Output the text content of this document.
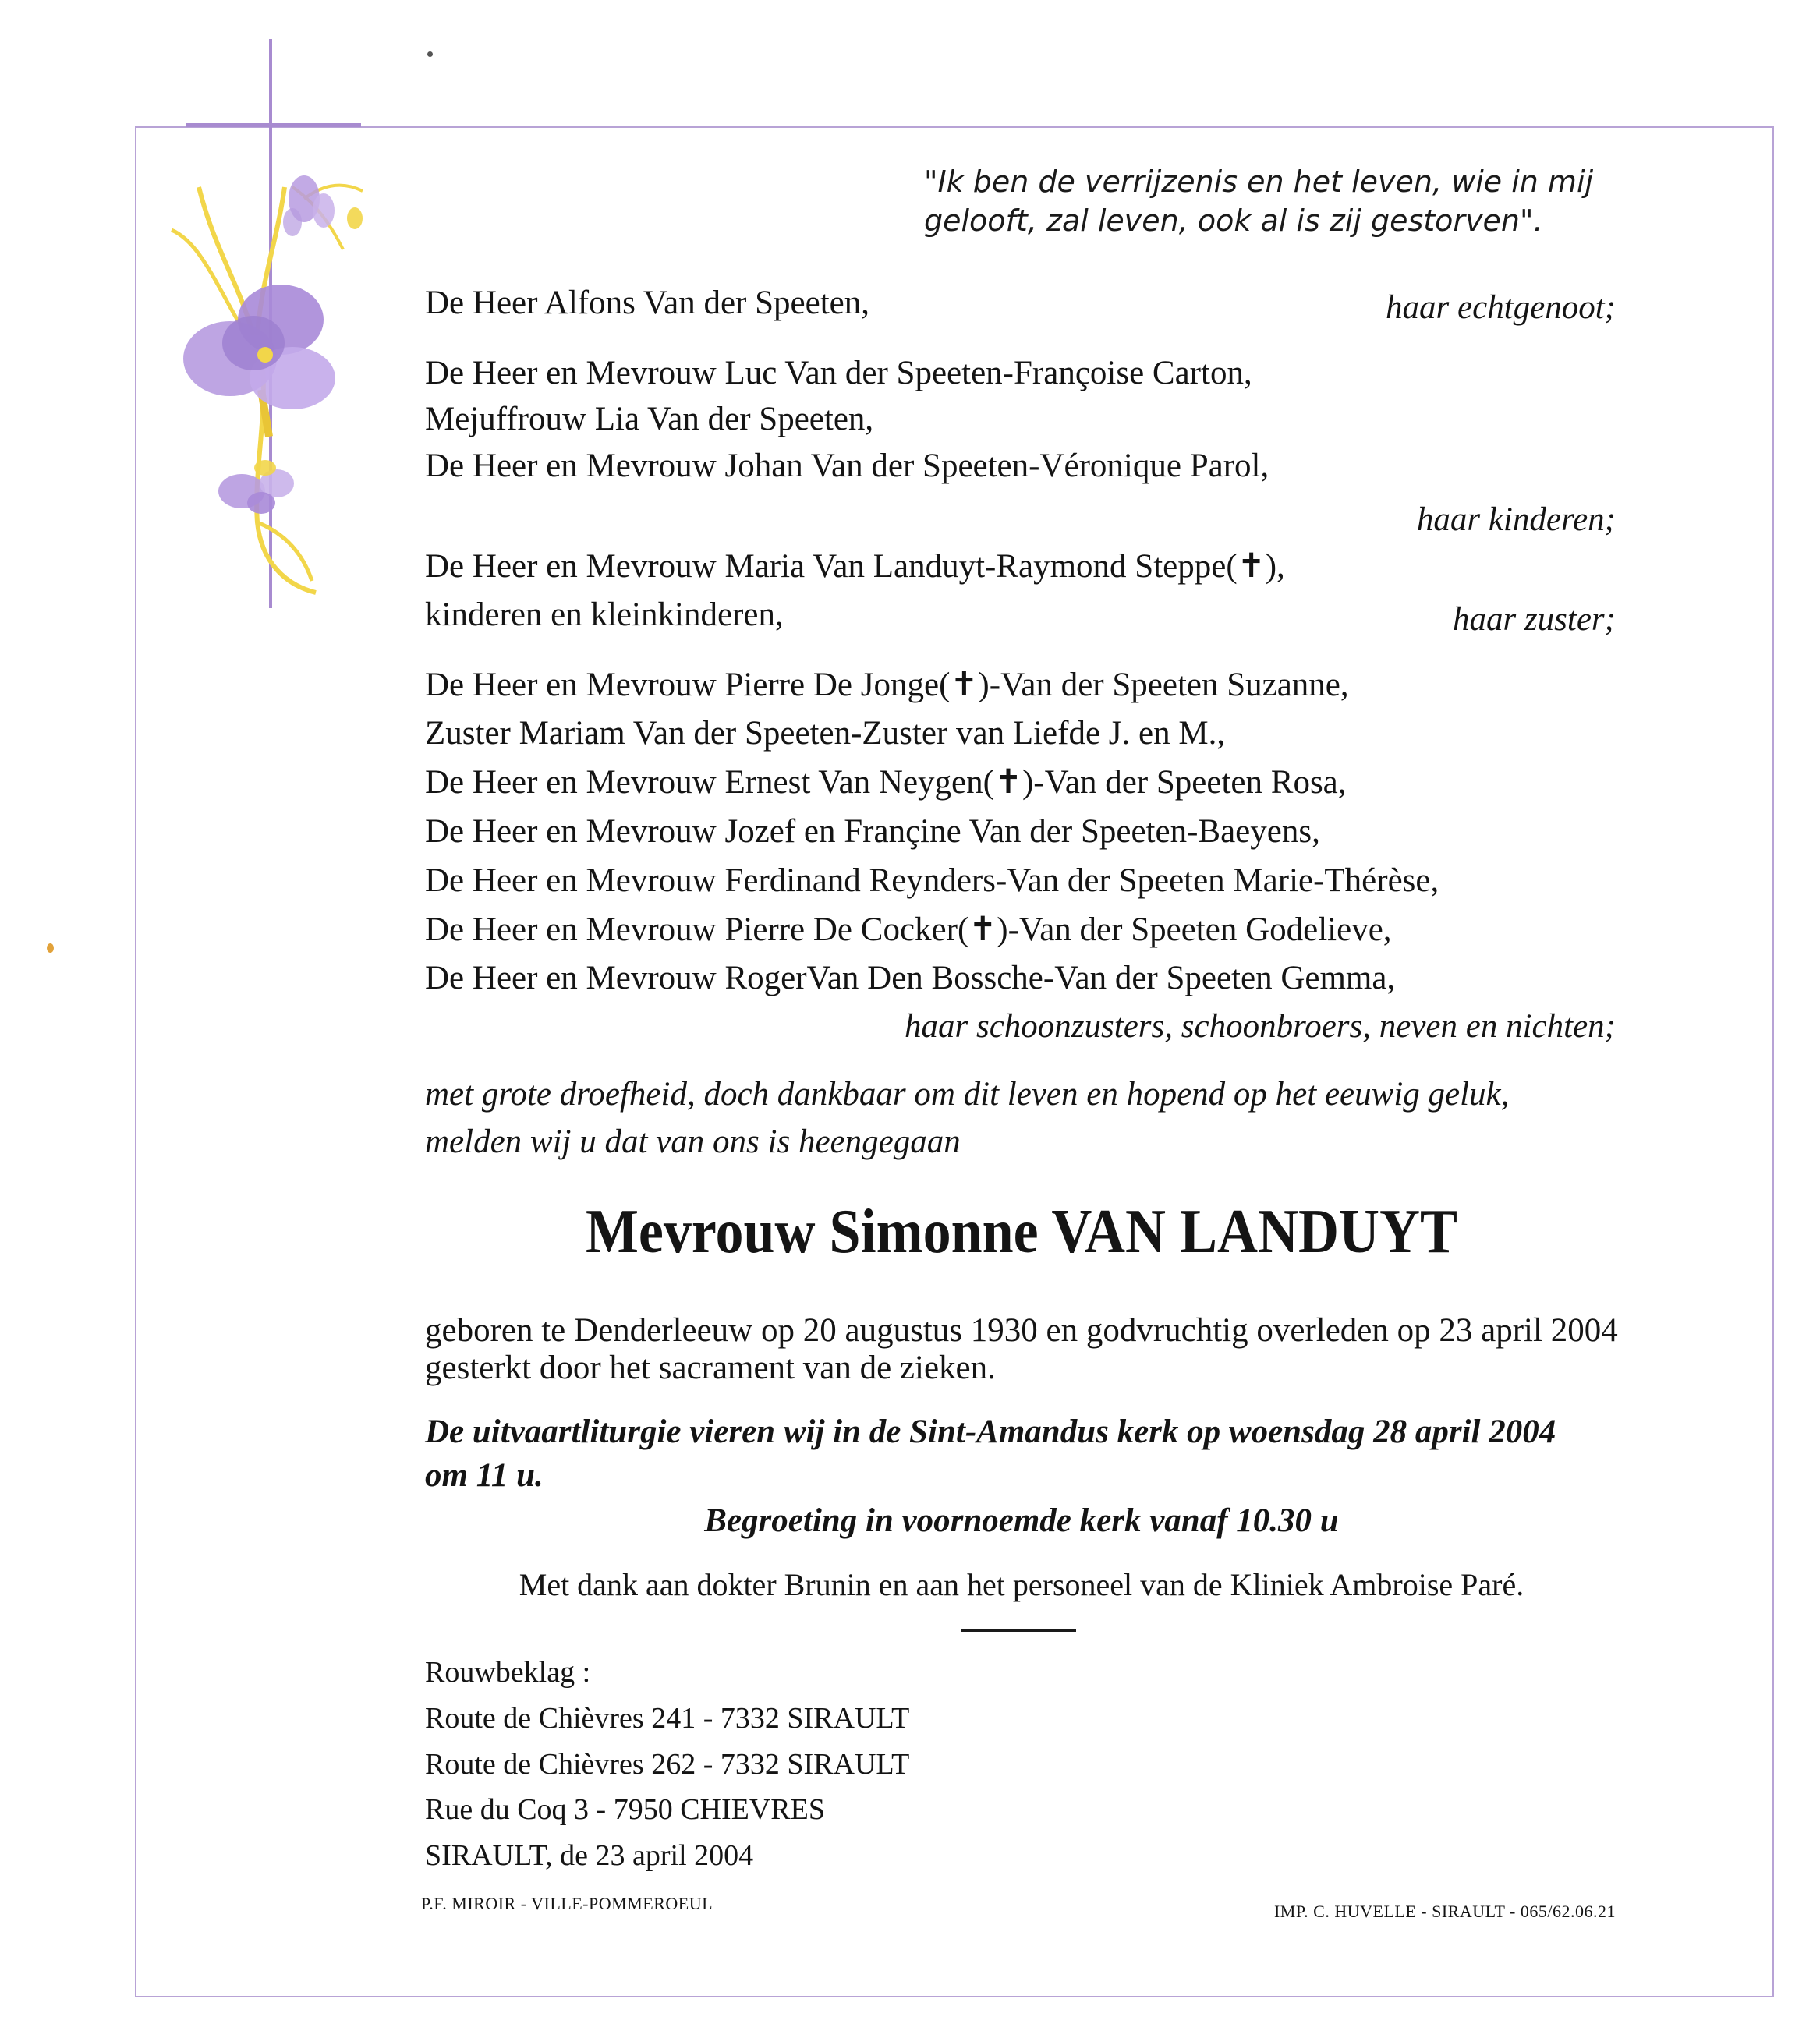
"Ik ben de verrijzenis en het leven, wie in mij
gelooft, zal leven, ook al is zij gestorven".
De Heer Alfons Van der Speeten,	haar echtgenoot;
De Heer en Mevrouw Luc Van der Speeten-Françoise Carton,
Mejuffrouw Lia Van der Speeten,
De Heer en Mevrouw Johan Van der Speeten-Véronique Parol,
haar kinderen;
De Heer en Mevrouw Maria Van Landuyt-Raymond Steppe(✝),
kinderen en kleinkinderen,	haar zuster;
De Heer en Mevrouw Pierre De Jonge(✝)-Van der Speeten Suzanne,
Zuster Mariam Van der Speeten-Zuster van Liefde J. en M.,
De Heer en Mevrouw Ernest Van Neygen(✝)-Van der Speeten Rosa,
De Heer en Mevrouw Jozef en Françine Van der Speeten-Baeyens,
De Heer en Mevrouw Ferdinand Reynders-Van der Speeten Marie-Thérèse,
De Heer en Mevrouw Pierre De Cocker(✝)-Van der Speeten Godelieve,
De Heer en Mevrouw RogerVan Den Bossche-Van der Speeten Gemma,
haar schoonzusters, schoonbroers, neven en nichten;
met grote droefheid, doch dankbaar om dit leven en hopend op het eeuwig geluk,
melden wij u dat van ons is heengegaan
Mevrouw Simonne VAN LANDUYT
geboren te Denderleeuw op 20 augustus 1930 en godvruchtig overleden op 23 april 2004
gesterkt door het sacrament van de zieken.
De uitvaartliturgie vieren wij in de Sint-Amandus kerk op woensdag 28 april 2004
om 11 u.
Begroeting in voornoemde kerk vanaf 10.30 u
Met dank aan dokter Brunin en aan het personeel van de Kliniek Ambroise Paré.
Rouwbeklag :
Route de Chièvres 241 - 7332 SIRAULT
Route de Chièvres 262 - 7332 SIRAULT
Rue du Coq 3 - 7950 CHIEVRES
SIRAULT, de 23 april 2004
P.F. MIROIR - VILLE-POMMEROEUL	IMP. C. HUVELLE - SIRAULT - 065/62.06.21
